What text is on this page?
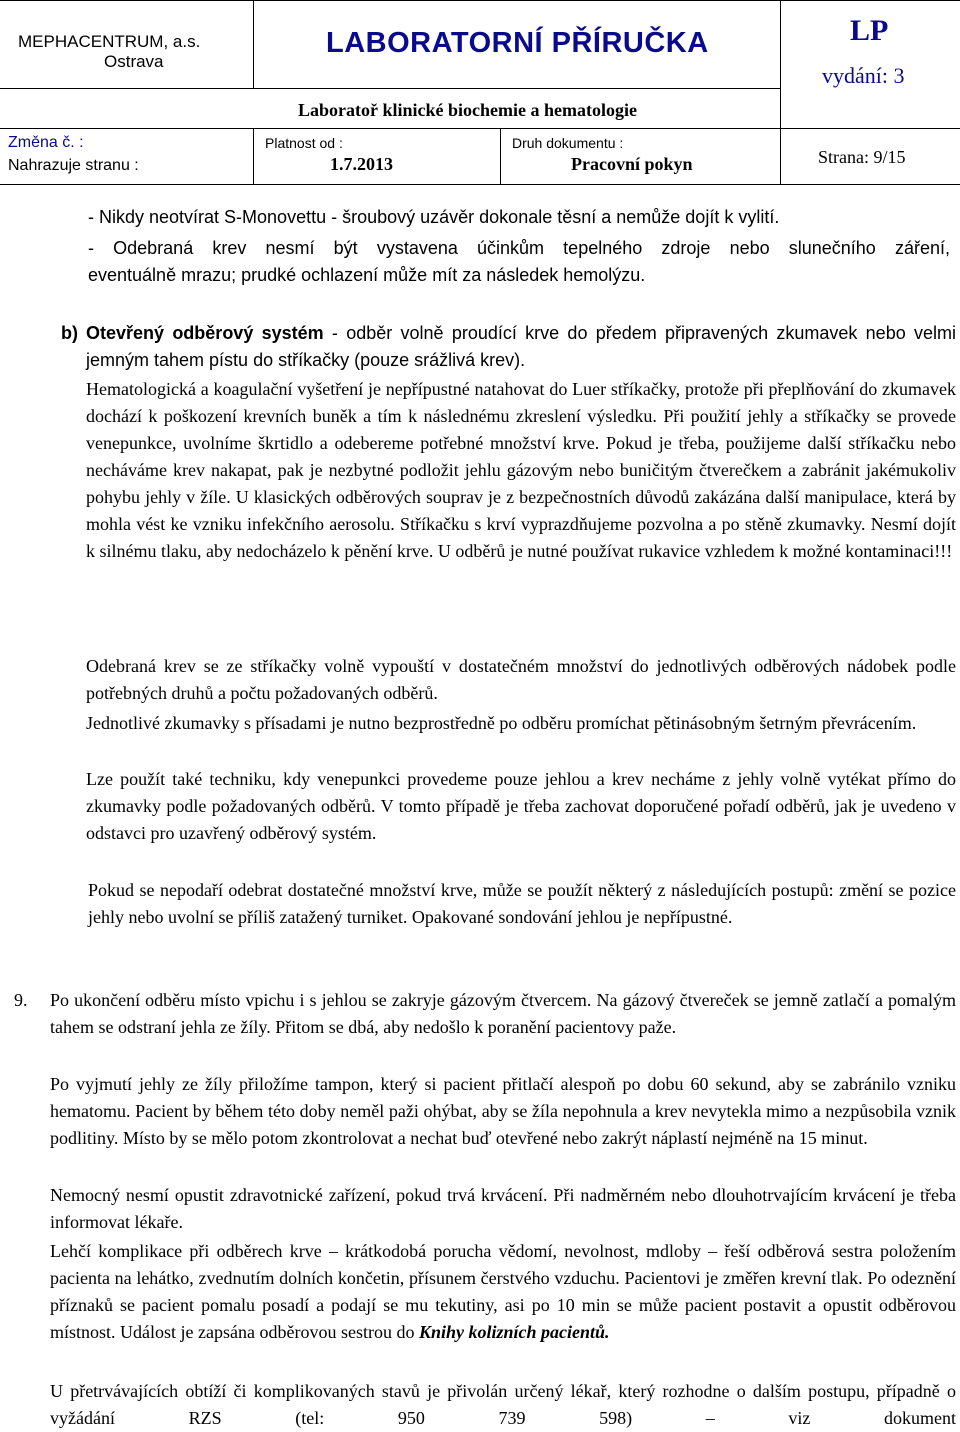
MEPHACENTRUM, a.s.
Ostrava
LABORATORNÍ PŘÍRUČKA
Laboratoř klinické biochemie a hematologie
LP
vydání: 3
Změna č. :
Nahrazuje stranu :
Platnost od :
1.7.2013
Druh dokumentu :
Pracovní pokyn	Strana: 9/15

- Nikdy neotvírat S-Monovettu - šroubový uzávěr dokonale těsní a nemůže dojít k vylití.

- Odebraná krev nesmí být vystavena účinkům tepelného zdroje nebo slunečního záření,

eventuálně mrazu; prudké ochlazení může mít za následek hemolýzu.

b) Otevřený odběrový systém - odběr volně proudící krve do předem připravených zkumavek nebo velmi jemným tahem pístu do stříkačky (pouze srážlivá krev).

Hematologická a koagulační vyšetření je nepřípustné natahovat do Luer stříkačky, protože při přeplňování do zkumavek dochází k poškození krevních buněk a tím k následnému zkreslení výsledku. Při použití jehly a stříkačky se provede venepunkce, uvolníme škrtidlo a odebereme potřebné množství krve. Pokud je třeba, použijeme další stříkačku nebo necháváme krev nakapat, pak je nezbytné podložit jehlu gázovým nebo buničitým čtverečkem a zabránit jakémukoliv pohybu jehly v žíle. U klasických odběrových souprav je z bezpečnostních důvodů zakázána další manipulace, která by mohla vést ke vzniku infekčního aerosolu. Stříkačku s krví vyprazdňujeme pozvolna a po stěně zkumavky. Nesmí dojít k silnému tlaku, aby nedocházelo k pěnění krve. U odběrů je nutné používat rukavice vzhledem k možné kontaminaci!!!

Odebraná krev se ze stříkačky volně vypouští v dostatečném množství do jednotlivých odběrových nádobek podle potřebných druhů a počtu požadovaných odběrů.

Jednotlivé zkumavky s přísadami je nutno bezprostředně po odběru promíchat pětinásobným šetrným převrácením.

Lze použít také techniku, kdy venepunkci provedeme pouze jehlou a krev necháme z jehly volně vytékat přímo do zkumavky podle požadovaných odběrů. V tomto případě je třeba zachovat doporučené pořadí odběrů, jak je uvedeno v odstavci pro uzavřený odběrový systém.

Pokud se nepodaří odebrat dostatečné množství krve, může se použít některý z následujících postupů: změní se pozice jehly nebo uvolní se příliš zatažený turniket. Opakované sondování jehlou je nepřípustné.

9. Po ukončení odběru místo vpichu i s jehlou se zakryje gázovým čtvercem. Na gázový čtvereček se jemně zatlačí a pomalým tahem se odstraní jehla ze žíly. Přitom se dbá, aby nedošlo k poranění pacientovy paže.

Po vyjmutí jehly ze žíly přiložíme tampon, který si pacient přitlačí alespoň po dobu 60 sekund, aby se zabránilo vzniku hematomu. Pacient by během této doby neměl paži ohýbat, aby se žíla nepohnula a krev nevytekla mimo a nezpůsobila vznik podlitiny. Místo by se mělo potom zkontrolovat a nechat buď otevřené nebo zakrýt náplastí nejméně na 15 minut.

Nemocný nesmí opustit zdravotnické zařízení, pokud trvá krvácení. Při nadměrném nebo dlouhotrvajícím krvácení je třeba informovat lékaře.

Lehčí komplikace při odběrech krve – krátkodobá porucha vědomí, nevolnost, mdloby – řeší odběrová sestra položením pacienta na lehátko, zvednutím dolních končetin, přísunem čerstvého vzduchu. Pacientovi je změřen krevní tlak. Po odeznění příznaků se pacient pomalu posadí a podají se mu tekutiny, asi po 10 min se může pacient postavit a opustit odběrovou místnost. Událost je zapsána odběrovou sestrou do Knihy kolizních pacientů.

U přetrvávajících obtíží či komplikovaných stavů je přivolán určený lékař, který rozhodne o dalším postupu, případně o vyžádání RZS (tel: 950 739 598) – viz dokument
